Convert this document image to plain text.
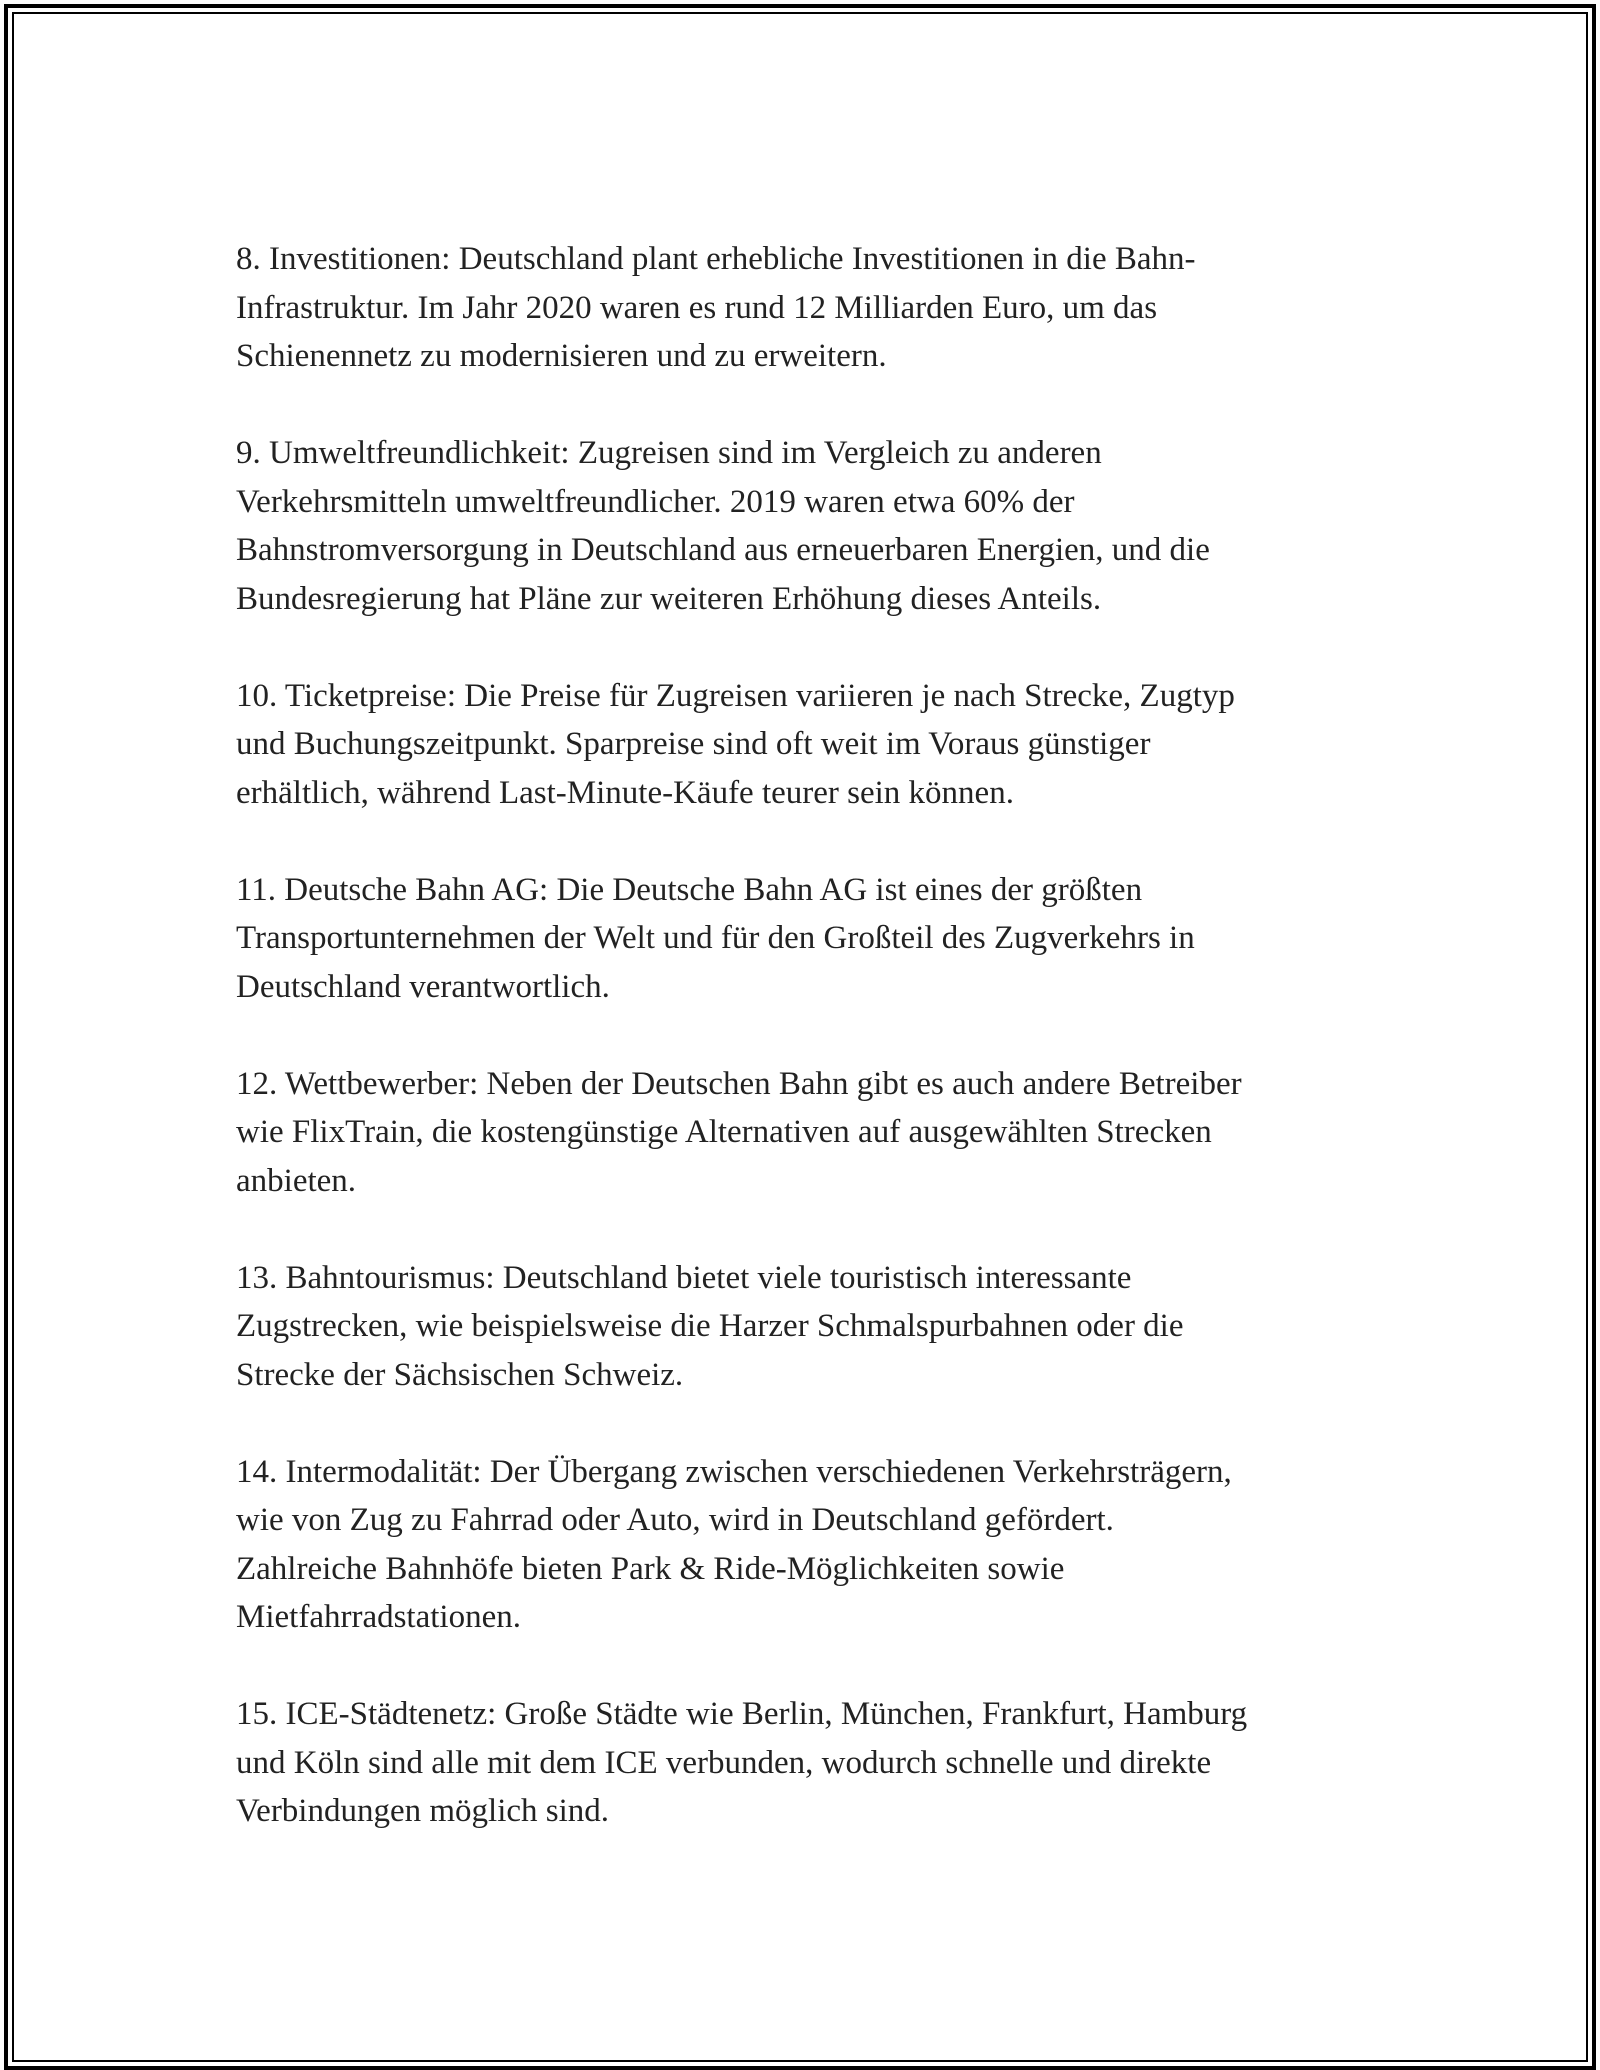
8. Investitionen: Deutschland plant erhebliche Investitionen in die Bahn-
Infrastruktur. Im Jahr 2020 waren es rund 12 Milliarden Euro, um das
Schienennetz zu modernisieren und zu erweitern.

9. Umweltfreundlichkeit: Zugreisen sind im Vergleich zu anderen
Verkehrsmitteln umweltfreundlicher. 2019 waren etwa 60% der
Bahnstromversorgung in Deutschland aus erneuerbaren Energien, und die
Bundesregierung hat Pläne zur weiteren Erhöhung dieses Anteils.

10. Ticketpreise: Die Preise für Zugreisen variieren je nach Strecke, Zugtyp
und Buchungszeitpunkt. Sparpreise sind oft weit im Voraus günstiger
erhältlich, während Last-Minute-Käufe teurer sein können.

11. Deutsche Bahn AG: Die Deutsche Bahn AG ist eines der größten
Transportunternehmen der Welt und für den Großteil des Zugverkehrs in
Deutschland verantwortlich.

12. Wettbewerber: Neben der Deutschen Bahn gibt es auch andere Betreiber
wie FlixTrain, die kostengünstige Alternativen auf ausgewählten Strecken
anbieten.

13. Bahntourismus: Deutschland bietet viele touristisch interessante
Zugstrecken, wie beispielsweise die Harzer Schmalspurbahnen oder die
Strecke der Sächsischen Schweiz.

14. Intermodalität: Der Übergang zwischen verschiedenen Verkehrsträgern,
wie von Zug zu Fahrrad oder Auto, wird in Deutschland gefördert.
Zahlreiche Bahnhöfe bieten Park & Ride-Möglichkeiten sowie
Mietfahrradstationen.

15. ICE-Städtenetz: Große Städte wie Berlin, München, Frankfurt, Hamburg
und Köln sind alle mit dem ICE verbunden, wodurch schnelle und direkte
Verbindungen möglich sind.
